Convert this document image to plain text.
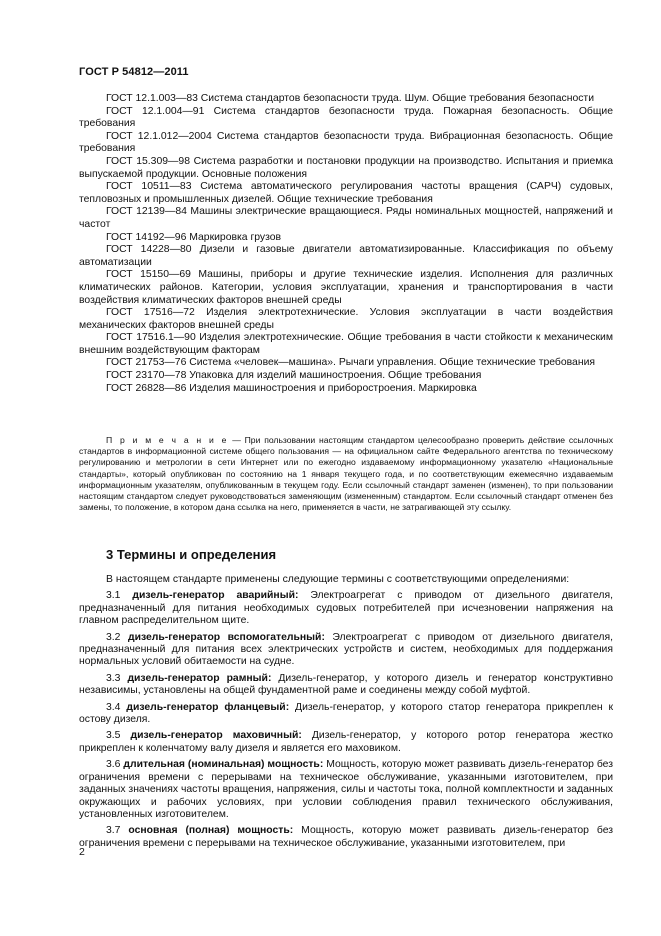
ГОСТ Р 54812—2011

ГОСТ 12.1.003—83 Система стандартов безопасности труда. Шум. Общие требования безопасности

ГОСТ 12.1.004—91 Система стандартов безопасности труда. Пожарная безопасность. Общие требования

ГОСТ 12.1.012—2004 Система стандартов безопасности труда. Вибрационная безопасность. Общие требования

ГОСТ 15.309—98 Система разработки и постановки продукции на производство. Испытания и приемка выпускаемой продукции. Основные положения

ГОСТ 10511—83 Система автоматического регулирования частоты вращения (САРЧ) судовых, тепловозных и промышленных дизелей. Общие технические требования

ГОСТ 12139—84 Машины электрические вращающиеся. Ряды номинальных мощностей, напряжений и частот

ГОСТ 14192—96 Маркировка грузов

ГОСТ 14228—80 Дизели и газовые двигатели автоматизированные. Классификация по объему автоматизации

ГОСТ 15150—69 Машины, приборы и другие технические изделия. Исполнения для различных климатических районов. Категории, условия эксплуатации, хранения и транспортирования в части воздействия климатических факторов внешней среды

ГОСТ 17516—72 Изделия электротехнические. Условия эксплуатации в части воздействия механических факторов внешней среды

ГОСТ 17516.1—90 Изделия электротехнические. Общие требования в части стойкости к механическим внешним воздействующим факторам

ГОСТ 21753—76 Система «человек—машина». Рычаги управления. Общие технические требования

ГОСТ 23170—78 Упаковка для изделий машиностроения. Общие требования

ГОСТ 26828—86 Изделия машиностроения и приборостроения. Маркировка

П р и м е ч а н и е — При пользовании настоящим стандартом целесообразно проверить действие ссылочных стандартов в информационной системе общего пользования — на официальном сайте Федерального агентства по техническому регулированию и метрологии в сети Интернет или по ежегодно издаваемому информационному указателю «Национальные стандарты», который опубликован по состоянию на 1 января текущего года, и по соответствующим ежемесячно издаваемым информационным указателям, опубликованным в текущем году. Если ссылочный стандарт заменен (изменен), то при пользовании настоящим стандартом следует руководствоваться заменяющим (измененным) стандартом. Если ссылочный стандарт отменен без замены, то положение, в котором дана ссылка на него, применяется в части, не затрагивающей эту ссылку.

3 Термины и определения

В настоящем стандарте применены следующие термины с соответствующими определениями:

3.1 дизель-генератор аварийный: Электроагрегат с приводом от дизельного двигателя, предназначенный для питания необходимых судовых потребителей при исчезновении напряжения на главном распределительном щите.

3.2 дизель-генератор вспомогательный: Электроагрегат с приводом от дизельного двигателя, предназначенный для питания всех электрических устройств и систем, необходимых для поддержания нормальных условий обитаемости на судне.

3.3 дизель-генератор рамный: Дизель-генератор, у которого дизель и генератор конструктивно независимы, установлены на общей фундаментной раме и соединены между собой муфтой.

3.4 дизель-генератор фланцевый: Дизель-генератор, у которого статор генератора прикреплен к остову дизеля.

3.5 дизель-генератор маховичный: Дизель-генератор, у которого ротор генератора жестко прикреплен к коленчатому валу дизеля и является его маховиком.

3.6 длительная (номинальная) мощность: Мощность, которую может развивать дизель-генератор без ограничения времени с перерывами на техническое обслуживание, указанными изготовителем, при заданных значениях частоты вращения, напряжения, силы и частоты тока, полной комплектности и заданных окружающих и рабочих условиях, при условии соблюдения правил технического обслуживания, установленных изготовителем.

3.7 основная (полная) мощность: Мощность, которую может развивать дизель-генератор без ограничения времени с перерывами на техническое обслуживание, указанными изготовителем, при

2
